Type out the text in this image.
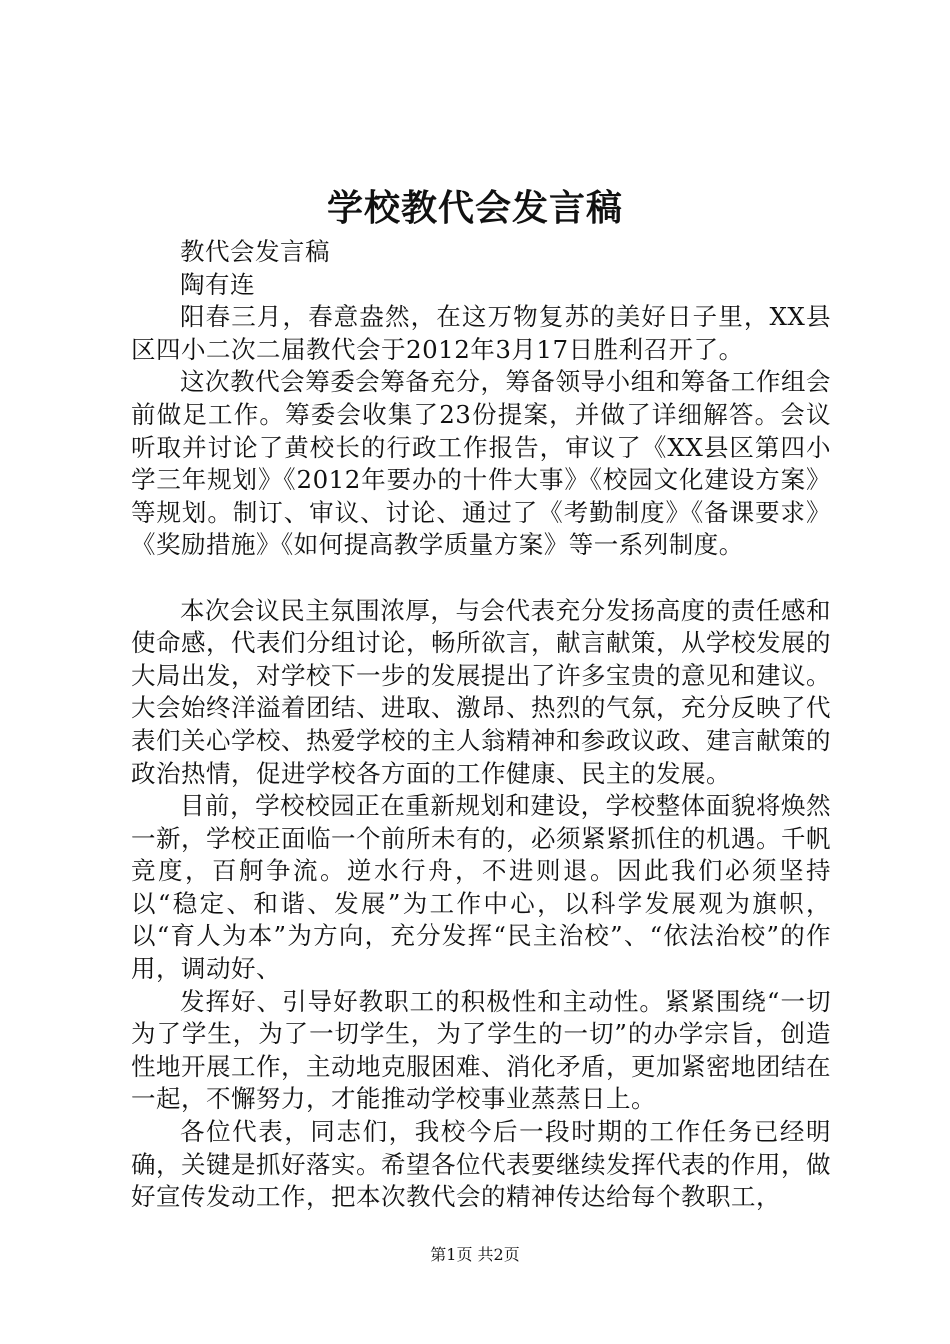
学校教代会发言稿

教代会发言稿

陶有连

阳春三月，春意盎然，在这万物复苏的美好日子里，XX县区四小二次二届教代会于2012年3月17日胜利召开了。

这次教代会筹委会筹备充分，筹备领导小组和筹备工作组会前做足工作。筹委会收集了23份提案，并做了详细解答。会议听取并讨论了黄校长的行政工作报告，审议了《XX县区第四小学三年规划》《2012年要办的十件大事》《校园文化建设方案》等规划。制订、审议、讨论、通过了《考勤制度》《备课要求》《奖励措施》《如何提高教学质量方案》等一系列制度。

本次会议民主氛围浓厚，与会代表充分发扬高度的责任感和使命感，代表们分组讨论，畅所欲言，献言献策，从学校发展的大局出发，对学校下一步的发展提出了许多宝贵的意见和建议。大会始终洋溢着团结、进取、激昂、热烈的气氛，充分反映了代表们关心学校、热爱学校的主人翁精神和参政议政、建言献策的政治热情，促进学校各方面的工作健康、民主的发展。

目前，学校校园正在重新规划和建设，学校整体面貌将焕然一新，学校正面临一个前所未有的，必须紧紧抓住的机遇。千帆竞度，百舸争流。逆水行舟，不进则退。因此我们必须坚持以“稳定、和谐、发展”为工作中心，以科学发展观为旗帜，以“育人为本”为方向，充分发挥“民主治校”、“依法治校”的作用，调动好、

发挥好、引导好教职工的积极性和主动性。紧紧围绕“一切为了学生，为了一切学生，为了学生的一切”的办学宗旨，创造性地开展工作，主动地克服困难、消化矛盾，更加紧密地团结在一起，不懈努力，才能推动学校事业蒸蒸日上。

各位代表，同志们，我校今后一段时期的工作任务已经明确，关键是抓好落实。希望各位代表要继续发挥代表的作用，做好宣传发动工作，把本次教代会的精神传达给每个教职工，

第1页 共2页
